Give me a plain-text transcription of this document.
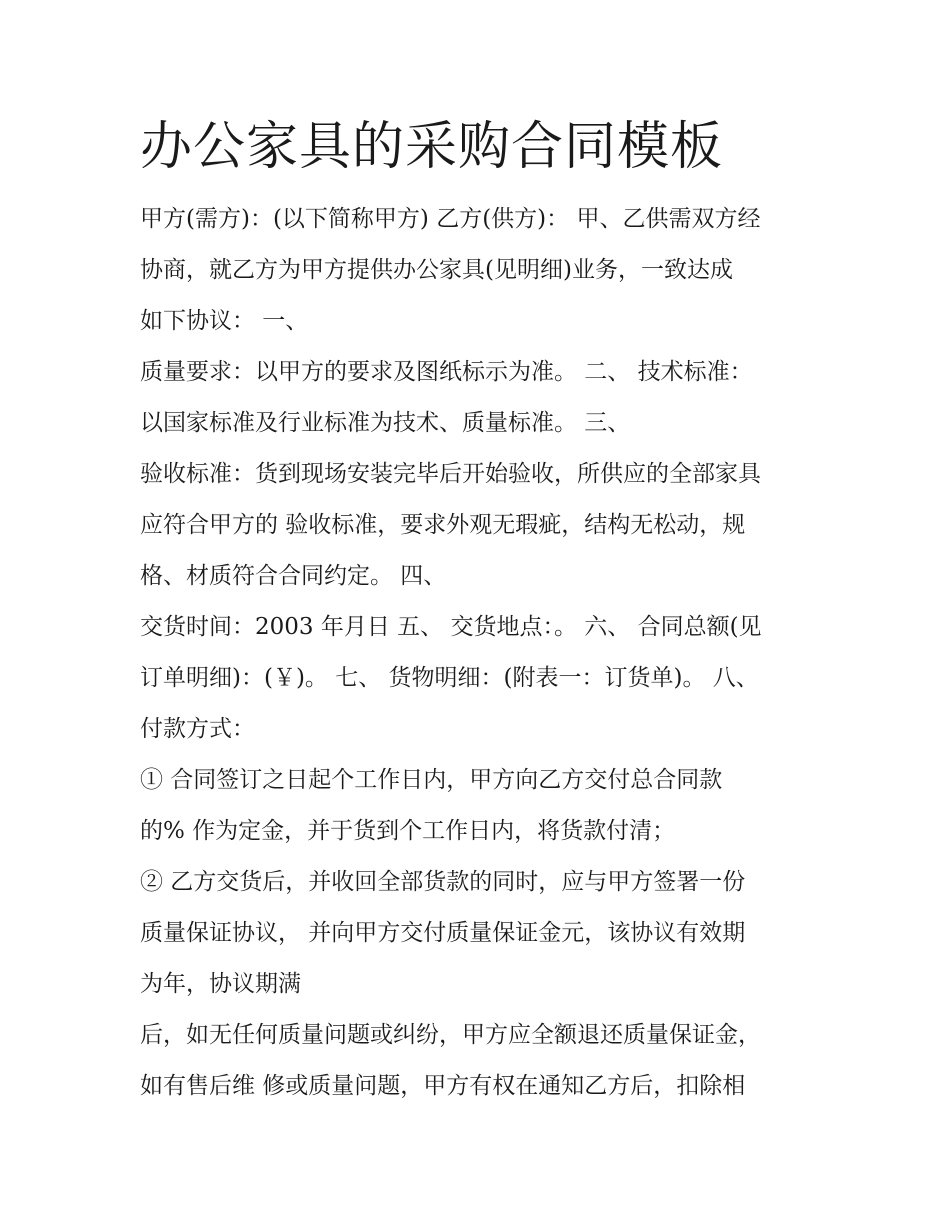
办公家具的采购合同模板
甲方(需方)：(以下简称甲方) 乙方(供方)： 甲、乙供需双方经
协商，就乙方为甲方提供办公家具(见明细)业务，一致达成
如下协议： 一、
质量要求：以甲方的要求及图纸标示为准。 二、 技术标准：
以国家标准及行业标准为技术、质量标准。 三、
验收标准：货到现场安装完毕后开始验收，所供应的全部家具
应符合甲方的 验收标准，要求外观无瑕疵，结构无松动，规
格、材质符合合同约定。 四、
交货时间：2003 年月日 五、 交货地点：。 六、 合同总额(见
订单明细)：(￥)。 七、 货物明细：(附表一：订货单)。 八、
付款方式：
① 合同签订之日起个工作日内，甲方向乙方交付总合同款
的% 作为定金，并于货到个工作日内，将货款付清；
② 乙方交货后，并收回全部货款的同时，应与甲方签署一份
质量保证协议， 并向甲方交付质量保证金元，该协议有效期
为年，协议期满
后，如无任何质量问题或纠纷，甲方应全额退还质量保证金，
如有售后维 修或质量问题，甲方有权在通知乙方后，扣除相
